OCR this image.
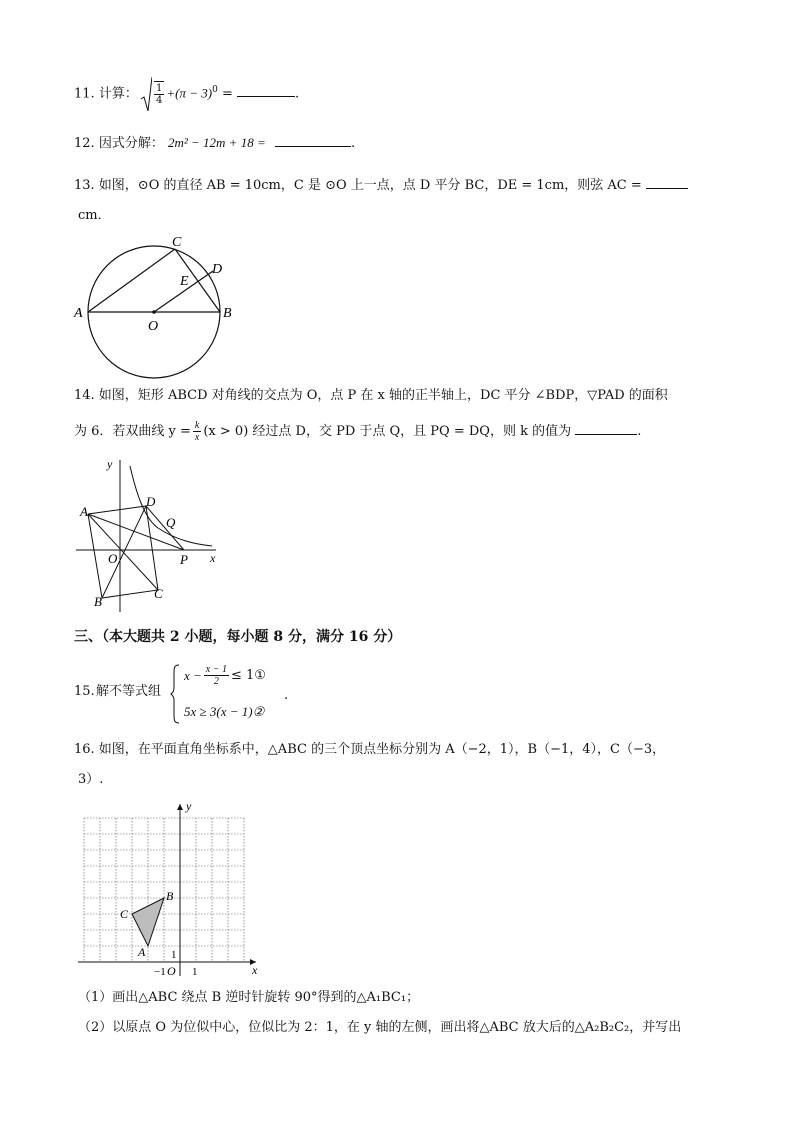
11. 计算： $\frac{1}{4} +(\pi - 3)^0$ =	.
12. 因式分解： 2m² − 12m + 18 =	.
13. 如图，⊙O 的直径 AB = 10cm，C 是 ⊙O 上一点，点 D 平分 BC，DE = 1cm，则弦 AC =
cm．
A	B
C
D
E
O
14. 如图，矩形 ABCD 对角线的交点为 O，点 P 在 x 轴的正半轴上，DC 平分 ∠BDP，▽PAD 的面积
为 6．若双曲线 $y = \frac{k}{x} (x > 0)$ 经过点 D，交 PD 于点 Q，且 PQ = DQ，则 k 的值为	.
y
x
A
B
C
D
O	P
Q
三、（本大题共 2 小题，每小题 8 分，满分 16 分）
15. 解不等式组
$x - \frac{x - 1}{2}$ ≤ 1①
5x ≥ 3(x − 1)②
.
16. 如图，在平面直角坐标系中，△ABC 的三个顶点坐标分别为 A（−2，1），B（−1，4），C（−3，
3）.
y
x
B
C
A
O
−1 1
1
（1）画出△ABC 绕点 B 逆时针旋转 90°得到的△A₁BC₁；
（2）以原点 O 为位似中心，位似比为 2：1，在 y 轴的左侧，画出将△ABC 放大后的△A₂B₂C₂，并写出
